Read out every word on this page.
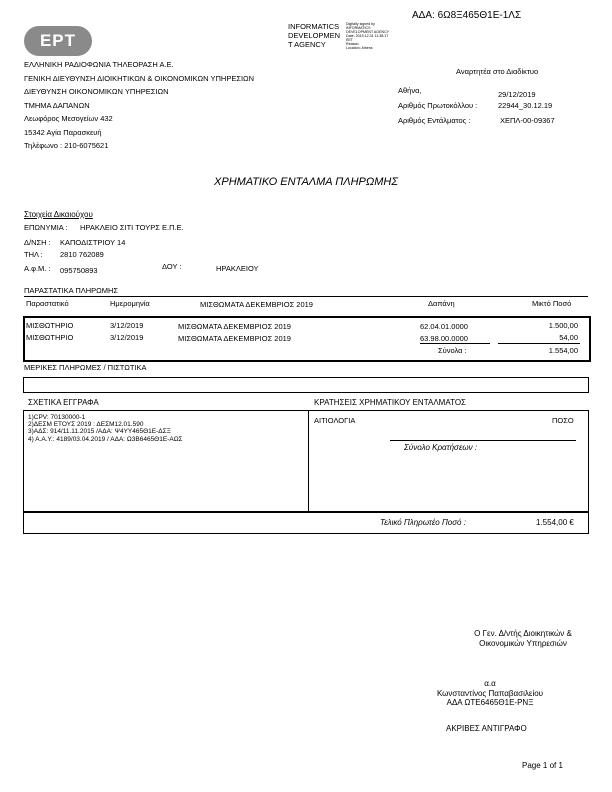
ΕΡΤ
INFORMATICS
DEVELOPMEN
T AGENCY
Digitally signed by
INFORMATICS
DEVELOPMENT AGENCY
Date: 2019.12.31 11:38:17
EET
Reason:
Location: Athens
ΑΔΑ: 6Ω8Ξ465Θ1Ε-1ΛΣ
ΕΛΛΗΝΙΚΗ ΡΑΔΙΟΦΩΝΙΑ ΤΗΛΕΟΡΑΣΗ Α.Ε.
ΓΕΝΙΚΗ ΔΙΕΥΘΥΝΣΗ ΔΙΟΙΚΗΤΙΚΩΝ & ΟΙΚΟΝΟΜΙΚΩΝ ΥΠΗΡΕΣΙΩΝ
ΔΙΕΥΘΥΝΣΗ ΟΙΚΟΝΟΜΙΚΩΝ ΥΠΗΡΕΣΙΩΝ
ΤΜΗΜΑ ΔΑΠΑΝΩΝ
Λεωφόρος Μεσογείων 432
15342 Αγία Παρασκευή
Τηλέφωνο : 210-6075621
Αναρτητέα στο Διαδίκτυο
Αθήνα,	29/12/2019
Αριθμός Πρωτοκόλλου :	22944_30.12.19
Αριθμός Εντάλματος :	ΧΕΠΛ-00-09367
ΧΡΗΜΑΤΙΚΟ ΕΝΤΑΛΜΑ ΠΛΗΡΩΜΗΣ
Στοιχεία Δικαιούχου
ΕΠΩΝΥΜΙΑ : ΗΡΑΚΛΕΙΟ ΣΙΤΙ ΤΟΥΡΣ Ε.Π.Ε.
Δ/ΝΣΗ : ΚΑΠΟΔΙΣΤΡΙΟΥ 14
ΤΗΛ : 2810 762089
Α.φ.Μ. : 095750893	ΔΟΥ :	ΗΡΑΚΛΕΙΟΥ
ΠΑΡΑΣΤΑΤΙΚΑ ΠΛΗΡΩΜΗΣ
Παραστατικό	Ημερομηνία	ΜΙΣΘΩΜΑΤΑ ΔΕΚΕΜΒΡΙΟΣ 2019	Δαπάνη	Μικτό Ποσό
ΜΙΣΘΩΤΗΡΙΟ	3/12/2019	ΜΙΣΘΩΜΑΤΑ ΔΕΚΕΜΒΡΙΟΣ 2019	62.04.01.0000	1.500,00
ΜΙΣΘΩΤΗΡΙΟ	3/12/2019	ΜΙΣΘΩΜΑΤΑ ΔΕΚΕΜΒΡΙΟΣ 2019	63.98.00.0000	54,00
Σύνολα :	1.554,00
ΜΕΡΙΚΕΣ ΠΛΗΡΩΜΕΣ / ΠΙΣΤΩΤΙΚΑ
ΣΧΕΤΙΚΑ ΕΓΓΡΑΦΑ	ΚΡΑΤΗΣΕΙΣ ΧΡΗΜΑΤΙΚΟΥ ΕΝΤΑΛΜΑΤΟΣ
1)CPV: 70130000-1
2)ΔΕΣΜ ΕΤΟΥΣ 2019 : ΔΕΣΜ12.01.590
3)ΑΔΣ: 914/11.11.2015 /ΑΔΑ: Ψ4ΥΥ465Θ1Ε-ΔΣΞ
4) Α.Α.Υ.: 4189/03.04.2019 / ΑΔΑ: Ω3Β6465Θ1Ε-ΑΩΣ
ΑΙΤΙΟΛΟΓΙΑ	ΠΟΣΟ
Σύνολο Κρατήσεων :
Τελικό Πληρωτέο Ποσό :	1.554,00 €
Ο Γεν. Δ/ντής Διοικητικών &
Οικονομικών Υπηρεσιών
α.α
Κωνσταντίνος Παπαβασιλείου
ΑΔΑ ΩΤΕ6465Θ1Ε-ΡΝΞ
ΑΚΡΙΒΕΣ ΑΝΤΙΓΡΑΦΟ
Page 1 of 1
